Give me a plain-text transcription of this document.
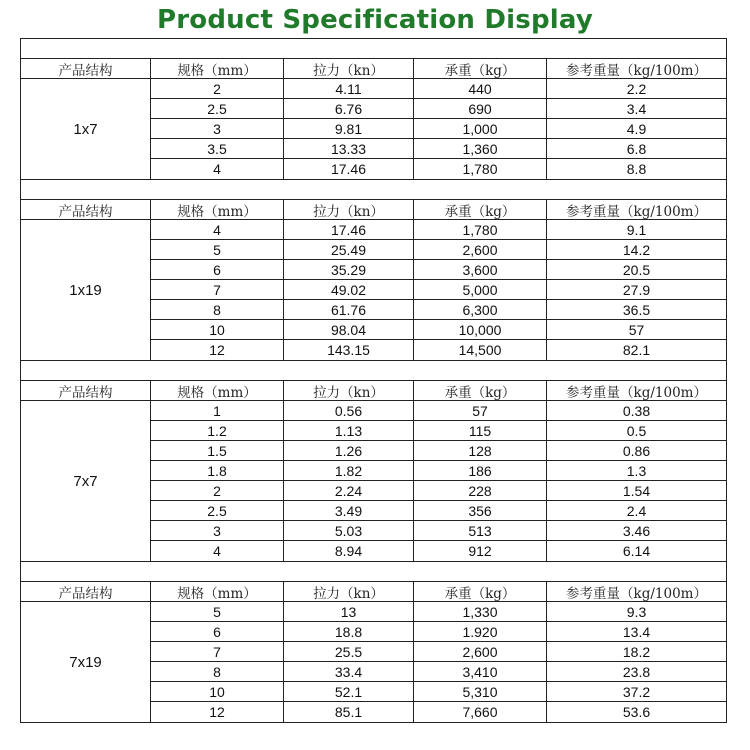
Product Specification Display
产品结构	规格（mm）	拉力（kn）	承重（kg）	参考重量（kg/100m）
1x7
2	4.11	440	2.2
2.5	6.76	690	3.4
3	9.81	1,000	4.9
3.5	13.33	1,360	6.8
4	17.46	1,780	8.8
产品结构	规格（mm）	拉力（kn）	承重（kg）	参考重量（kg/100m）
1x19
4	17.46	1,780	9.1
5	25.49	2,600	14.2
6	35.29	3,600	20.5
7	49.02	5,000	27.9
8	61.76	6,300	36.5
10	98.04	10,000	57
12	143.15	14,500	82.1
产品结构	规格（mm）	拉力（kn）	承重（kg）	参考重量（kg/100m）
7x7
1	0.56	57	0.38
1.2	1.13	115	0.5
1.5	1.26	128	0.86
1.8	1.82	186	1.3
2	2.24	228	1.54
2.5	3.49	356	2.4
3	5.03	513	3.46
4	8.94	912	6.14
产品结构	规格（mm）	拉力（kn）	承重（kg）	参考重量（kg/100m）
7x19
5	13	1,330	9.3
6	18.8	1.920	13.4
7	25.5	2,600	18.2
8	33.4	3,410	23.8
10	52.1	5,310	37.2
12	85.1	7,660	53.6
